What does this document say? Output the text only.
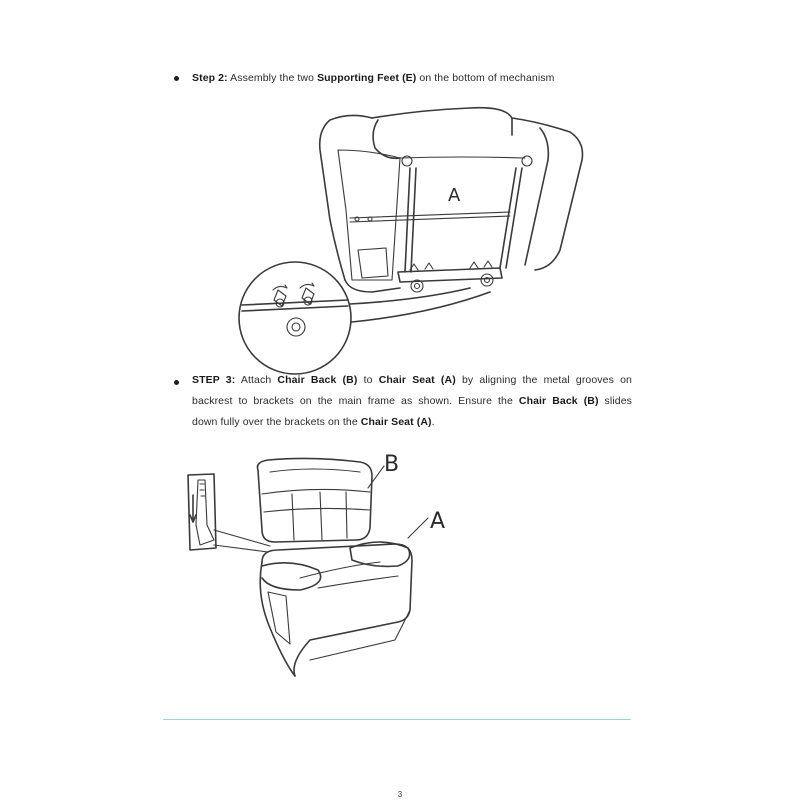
Step 2: Assembly the two Supporting Feet (E) on the bottom of mechanism
A
STEP 3: Attach Chair Back (B) to Chair Seat (A) by aligning the metal grooves on
backrest to brackets on the main frame as shown. Ensure the Chair Back (B) slides
down fully over the brackets on the Chair Seat (A).
B
A
3
